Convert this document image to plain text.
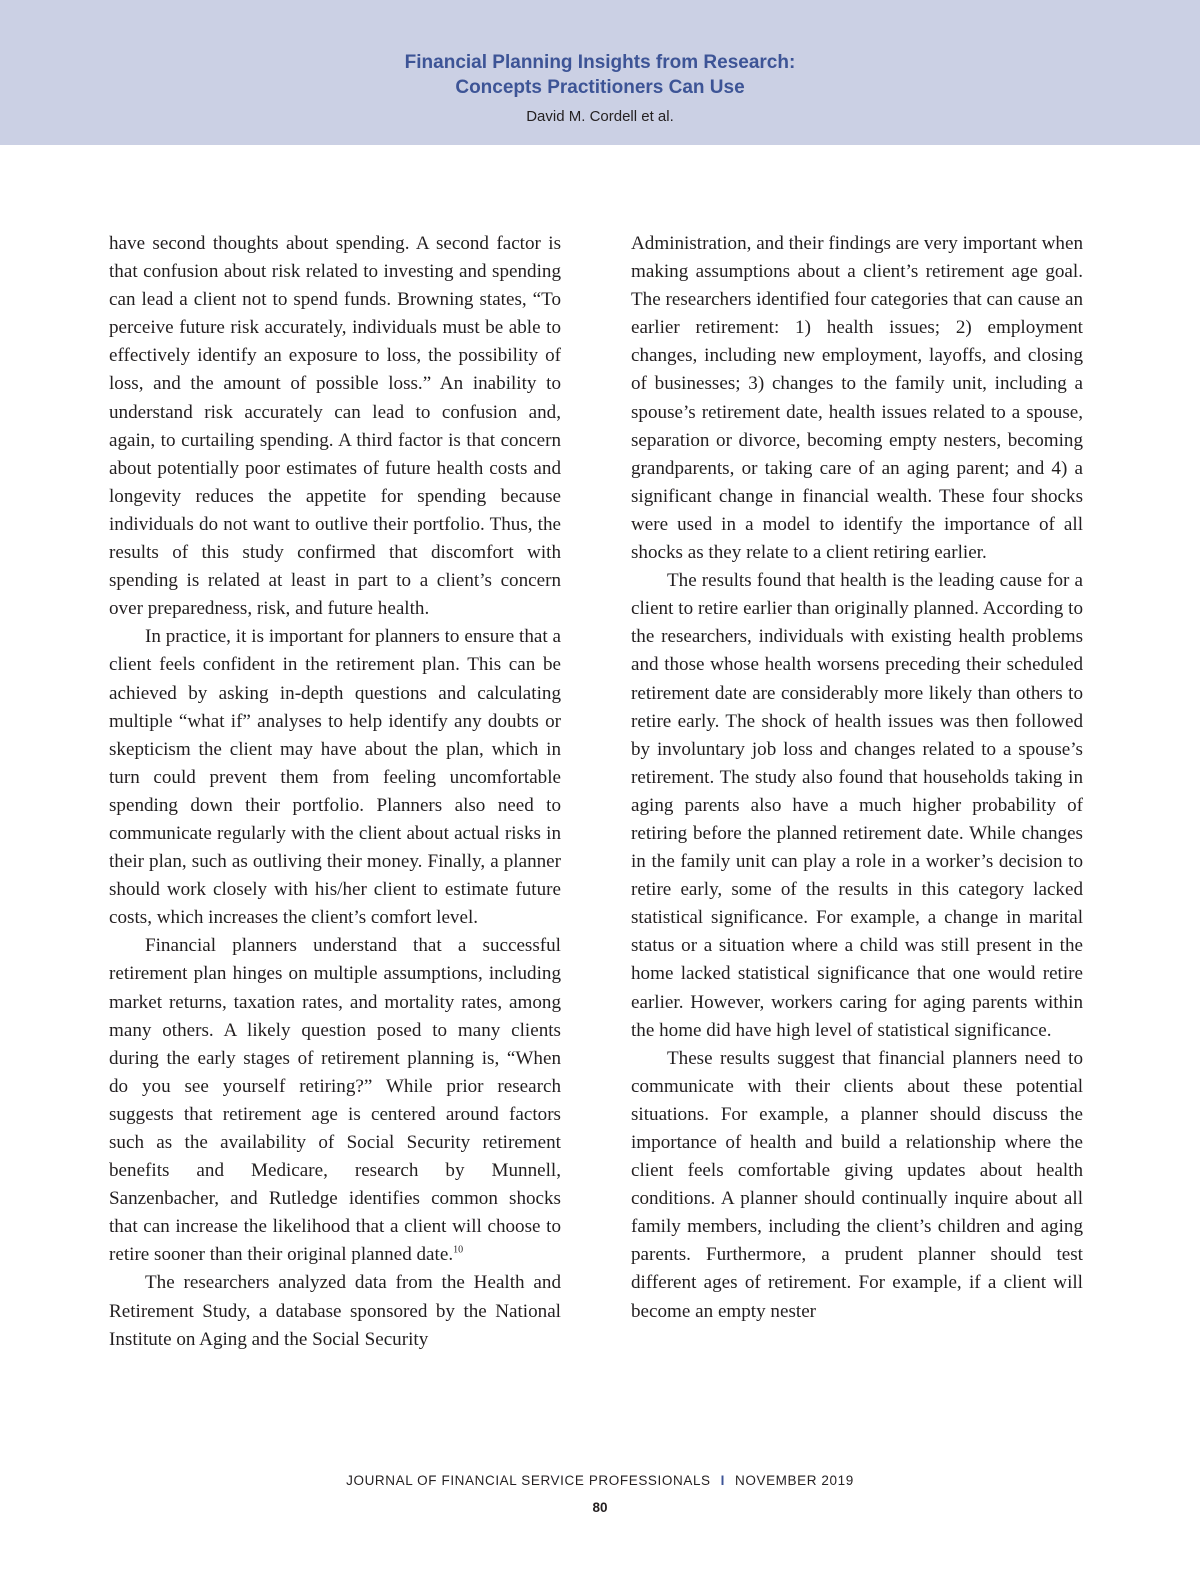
Financial Planning Insights from Research:
Concepts Practitioners Can Use
David M. Cordell et al.

have second thoughts about spending. A second factor is that confusion about risk related to investing and spending can lead a client not to spend funds. Browning states, “To perceive future risk accurately, individuals must be able to effectively identify an exposure to loss, the possibility of loss, and the amount of possible loss.” An inability to understand risk accurately can lead to confusion and, again, to curtailing spending. A third factor is that concern about potentially poor estimates of future health costs and longevity reduces the appetite for spending because individuals do not want to outlive their portfolio. Thus, the results of this study confirmed that discomfort with spending is related at least in part to a client’s concern over preparedness, risk, and future health.

In practice, it is important for planners to ensure that a client feels confident in the retirement plan. This can be achieved by asking in-depth questions and calculating multiple “what if” analyses to help identify any doubts or skepticism the client may have about the plan, which in turn could prevent them from feeling uncomfortable spending down their portfolio. Planners also need to communicate regularly with the client about actual risks in their plan, such as outliving their money. Finally, a planner should work closely with his/her client to estimate future costs, which increases the client’s comfort level.

Financial planners understand that a successful retirement plan hinges on multiple assumptions, including market returns, taxation rates, and mortality rates, among many others. A likely question posed to many clients during the early stages of retirement planning is, “When do you see yourself retiring?” While prior research suggests that retirement age is centered around factors such as the availability of Social Security retirement benefits and Medicare, research by Munnell, Sanzenbacher, and Rutledge identifies common shocks that can increase the likelihood that a client will choose to retire sooner than their original planned date.$^{10}$

The researchers analyzed data from the Health and Retirement Study, a database sponsored by the National Institute on Aging and the Social Security

Administration, and their findings are very important when making assumptions about a client’s retirement age goal. The researchers identified four categories that can cause an earlier retirement: 1) health issues; 2) employment changes, including new employment, layoffs, and closing of businesses; 3) changes to the family unit, including a spouse’s retirement date, health issues related to a spouse, separation or divorce, becoming empty nesters, becoming grandparents, or taking care of an aging parent; and 4) a significant change in financial wealth. These four shocks were used in a model to identify the importance of all shocks as they relate to a client retiring earlier.

The results found that health is the leading cause for a client to retire earlier than originally planned. According to the researchers, individuals with existing health problems and those whose health worsens preceding their scheduled retirement date are considerably more likely than others to retire early. The shock of health issues was then followed by involuntary job loss and changes related to a spouse’s retirement. The study also found that households taking in aging parents also have a much higher probability of retiring before the planned retirement date. While changes in the family unit can play a role in a worker’s decision to retire early, some of the results in this category lacked statistical significance. For example, a change in marital status or a situation where a child was still present in the home lacked statistical significance that one would retire earlier. However, workers caring for aging parents within the home did have high level of statistical significance.

These results suggest that financial planners need to communicate with their clients about these potential situations. For example, a planner should discuss the importance of health and build a relationship where the client feels comfortable giving updates about health conditions. A planner should continually inquire about all family members, including the client’s children and aging parents. Furthermore, a prudent planner should test different ages of retirement. For example, if a client will become an empty nester

JOURNAL OF FINANCIAL SERVICE PROFESSIONALS I NOVEMBER 2019
80
